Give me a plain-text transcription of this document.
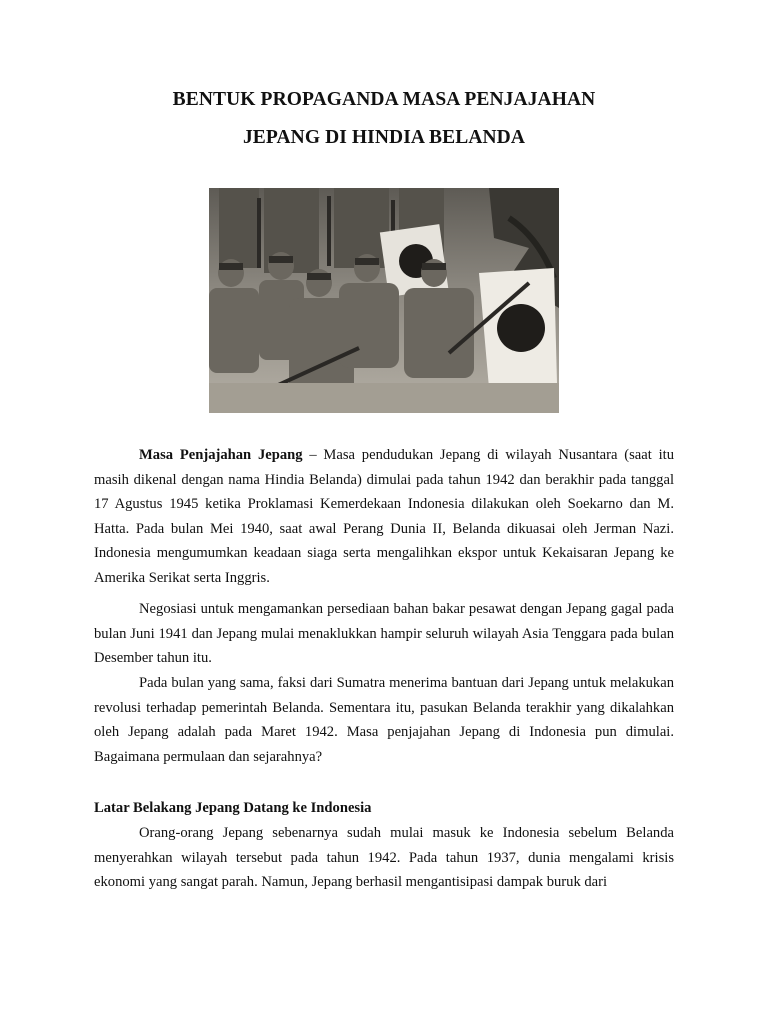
BENTUK PROPAGANDA MASA PENJAJAHAN
JEPANG DI HINDIA BELANDA

Masa Penjajahan Jepang – Masa pendudukan Jepang di wilayah Nusantara (saat itu masih dikenal dengan nama Hindia Belanda) dimulai pada tahun 1942 dan berakhir pada tanggal 17 Agustus 1945 ketika Proklamasi Kemerdekaan Indonesia dilakukan oleh Soekarno dan M. Hatta. Pada bulan Mei 1940, saat awal Perang Dunia II, Belanda dikuasai oleh Jerman Nazi. Indonesia mengumumkan keadaan siaga serta mengalihkan ekspor untuk Kekaisaran Jepang ke Amerika Serikat serta Inggris.

Negosiasi untuk mengamankan persediaan bahan bakar pesawat dengan Jepang gagal pada bulan Juni 1941 dan Jepang mulai menaklukkan hampir seluruh wilayah Asia Tenggara pada bulan Desember tahun itu.

Pada bulan yang sama, faksi dari Sumatra menerima bantuan dari Jepang untuk melakukan revolusi terhadap pemerintah Belanda. Sementara itu, pasukan Belanda terakhir yang dikalahkan oleh Jepang adalah pada Maret 1942. Masa penjajahan Jepang di Indonesia pun dimulai. Bagaimana permulaan dan sejarahnya?

Latar Belakang Jepang Datang ke Indonesia

Orang-orang Jepang sebenarnya sudah mulai masuk ke Indonesia sebelum Belanda menyerahkan wilayah tersebut pada tahun 1942. Pada tahun 1937, dunia mengalami krisis ekonomi yang sangat parah. Namun, Jepang berhasil mengantisipasi dampak buruk dari
